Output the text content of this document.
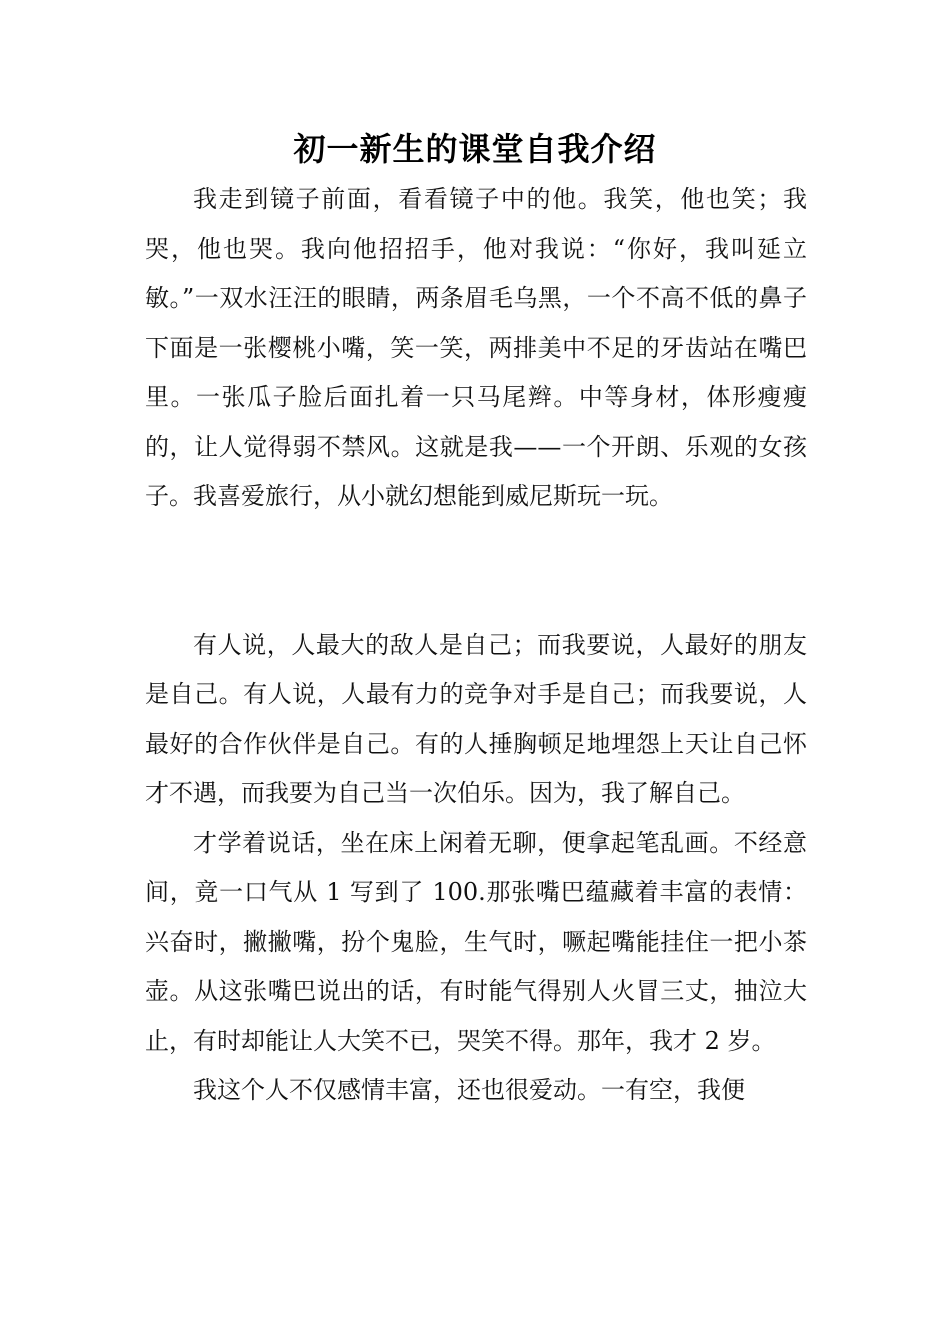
初一新生的课堂自我介绍

我走到镜子前面，看看镜子中的他。我笑，他也笑；我哭，他也哭。我向他招招手，他对我说：“你好，我叫延立敏。”一双水汪汪的眼睛，两条眉毛乌黑，一个不高不低的鼻子下面是一张樱桃小嘴，笑一笑，两排美中不足的牙齿站在嘴巴里。一张瓜子脸后面扎着一只马尾辫。中等身材，体形瘦瘦的，让人觉得弱不禁风。这就是我——一个开朗、乐观的女孩子。我喜爱旅行，从小就幻想能到威尼斯玩一玩。

有人说，人最大的敌人是自己；而我要说，人最好的朋友是自己。有人说，人最有力的竞争对手是自己；而我要说，人最好的合作伙伴是自己。有的人捶胸顿足地埋怨上天让自己怀才不遇，而我要为自己当一次伯乐。因为，我了解自己。

才学着说话，坐在床上闲着无聊，便拿起笔乱画。不经意间，竟一口气从 1 写到了 100.那张嘴巴蕴藏着丰富的表情：兴奋时，撇撇嘴，扮个鬼脸，生气时，噘起嘴能挂住一把小茶壶。从这张嘴巴说出的话，有时能气得别人火冒三丈，抽泣大止，有时却能让人大笑不已，哭笑不得。那年，我才 2 岁。

我这个人不仅感情丰富，还也很爱动。一有空，我便
